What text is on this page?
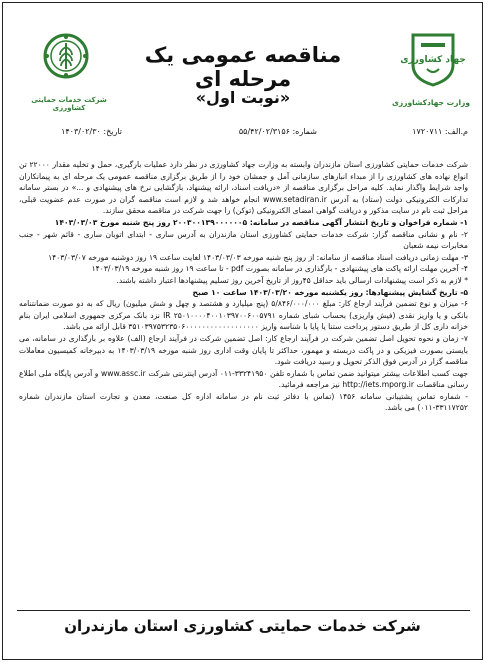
شرکت خدمات حمایتی کشاورزی
جهاد کشاورزی
وزارت جهادکشاورزی
مناقصه عمومی یک مرحله ای
«نوبت اول»
م.الف: ۱۷۲۰۷۱۱
شماره: ۵۵/۴۲/۰۲/۳۱۵۶
تاریخ: ۱۴۰۳/۰۲/۳۰

شرکت خدمات حمایتی کشاورزی استان مازندران وابسته به وزارت جهاد کشاورزی در نظر دارد عملیات بارگیری، حمل و تخلیه مقدار ۲۲۰۰۰ تن انواع نهاده های کشاورزی را از مبداء انبارهای سازمانی آمل و جمشان خود را از طریق برگزاری مناقصه عمومی یک مرحله ای به پیمانکاران واجد شرایط واگذار نماید. کلیه مراحل برگزاری مناقصه از «دریافت اسناد، ارائه پیشنهاد، بازگشایی نرخ های پیشنهادی و ...» در بستر سامانه تدارکات الکترونیکی دولت (ستاد) به آدرس www.setadiran.ir انجام خواهد شد و لازم است مناقصه گران در صورت عدم عضویت قبلی، مراحل ثبت نام در سایت مذکور و دریافت گواهی امضای الکترونیکی (توکن) را جهت شرکت در مناقصه محقق سازند.

۱- شماره فراخوان و تاریخ انتشار آگهی مناقصه در سامانه: ۲۰۰۳۰۰۱۳۹۰۰۰۰۰۰۵ روز پنج شنبه مورخ ۱۴۰۳/۰۳/۰۳

۲- نام و نشانی مناقصه گزار: شرکت خدمات حمایتی کشاورزی استان مازندران به آدرس ساری - ابتدای اتوبان ساری - قائم شهر - جنب مخابرات نیمه شعبان

۳- مهلت زمانی دریافت اسناد مناقصه از سامانه: از روز پنج شنبه مورخه ۱۴۰۳/۰۳/۰۳ لغایت ساعت ۱۹ روز دوشنبه مورخه ۱۴۰۳/۰۳/۰۷

۴- آخرین مهلت ارائه پاکت های پیشنهادی - بارگذاری در سامانه بصورت pdf - تا ساعت ۱۹ روز شنبه مورخه ۱۴۰۳/۰۳/۱۹

* لازم به ذکر است پیشنهادات ارسالی باید حداقل ۴۵روز از تاریخ آخرین روز تسلیم پیشنهادها اعتبار داشته باشند.

۵- تاریخ گشایش پیشنهادها: روز یکشنبه مورخه ۱۴۰۳/۰۳/۲۰ ساعت ۱۰ صبح

۶- میزان و نوع تضمین فرآیند ارجاع کار: مبلغ ۵/۸۴۶/۰۰۰/۰۰۰ (پنج میلیارد و هشتصد و چهل و شش میلیون) ریال که به دو صورت ضمانتنامه بانکی و یا واریز نقدی (فیش واریزی) بحساب شبای شماره IR ۲۵۰۱۰۰۰۰۴۰۰۱۰۳۹۷۰۰۶۰۰۵۷۹۱ نزد بانک مرکزی جمهوری اسلامی ایران بنام خزانه داری کل از طریق دستور پرداخت ستنا یا پایا با شناسه واریز ۳۵۱۰۳۹۷۵۳۲۳۵۰۶۰۰۰۰۰۰۰۰۰۰۰۰۰۰۰۰۰۰ قابل ارائه می باشد.

۷- زمان و نحوه تحویل اصل تضمین شرکت در فرآیند ارجاع کار: اصل تضمین شرکت در فرآیند ارجاع (الف) علاوه بر بارگذاری در سامانه، می بایستی بصورت فیزیکی و در پاکت دربسته و مهمور، حداکثر تا پایان وقت اداری روز شنبه مورخه ۱۴۰۳/۰۳/۱۹ به دبیرخانه کمیسیون معاملات مناقصه گزار در آدرس فوق الذکر تحویل و رسید دریافت شود.

جهت کسب اطلاعات بیشتر میتوانید ضمن تماس با شماره تلفن ۳۳۲۴۱۹۵۰-۰۱۱ آدرس اینترنتی شرکت www.assc.ir و آدرس پایگاه ملی اطلاع رسانی مناقصات http://iets.mporg.ir نیز مراجعه فرمائید.

- شماره تماس پشتیبانی سامانه ۱۴۵۶ (تماس با دفاتر ثبت نام در سامانه اداره کل صنعت، معدن و تجارت استان مازندران شماره ۳۳۱۱۷۲۵۲-۰۱۱) می باشد.

شرکت خدمات حمایتی کشاورزی استان مازندران
